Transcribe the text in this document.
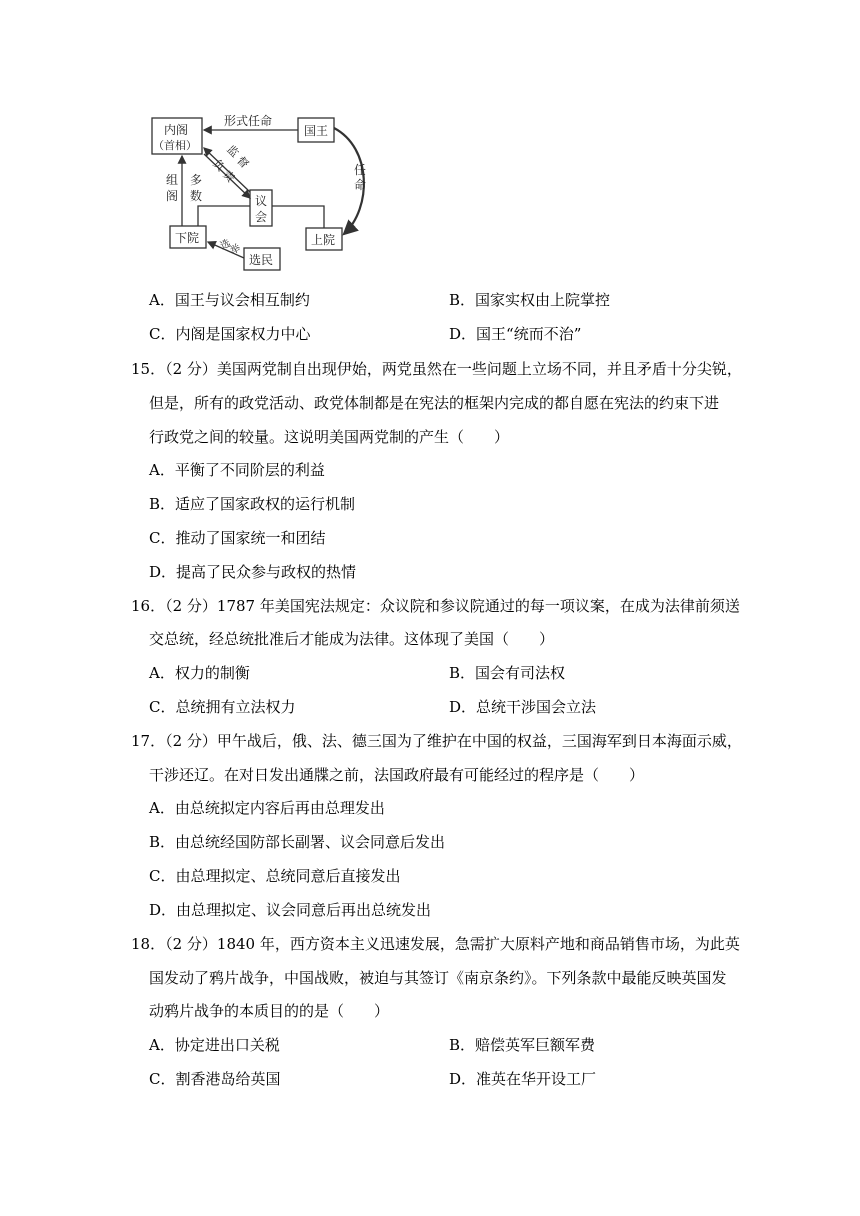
内阁
（首相）
国王
议
会
下院	上院
选民
形式任命
任
命
监
督
负
责
组
阁
多
数
选
举
A．国王与议会相互制约	B．国家实权由上院掌控
C．内阁是国家权力中心	D．国王“统而不治”
15．（2 分）美国两党制自出现伊始，两党虽然在一些问题上立场不同，并且矛盾十分尖锐，
但是，所有的政党活动、政党体制都是在宪法的框架内完成的都自愿在宪法的约束下进
行政党之间的较量。这说明美国两党制的产生（　　）
A．平衡了不同阶层的利益
B．适应了国家政权的运行机制
C．推动了国家统一和团结
D．提高了民众参与政权的热情
16．（2 分）1787 年美国宪法规定：众议院和参议院通过的每一项议案，在成为法律前须送
交总统，经总统批准后才能成为法律。这体现了美国（　　）
A．权力的制衡	B．国会有司法权
C．总统拥有立法权力	D．总统干涉国会立法
17．（2 分）甲午战后，俄、法、德三国为了维护在中国的权益，三国海军到日本海面示威，
干涉还辽。在对日发出通牒之前，法国政府最有可能经过的程序是（　　）
A．由总统拟定内容后再由总理发出
B．由总统经国防部长副署、议会同意后发出
C．由总理拟定、总统同意后直接发出
D．由总理拟定、议会同意后再出总统发出
18．（2 分）1840 年，西方资本主义迅速发展，急需扩大原料产地和商品销售市场，为此英
国发动了鸦片战争，中国战败，被迫与其签订《南京条约》。下列条款中最能反映英国发
动鸦片战争的本质目的的是（　　）
A．协定进出口关税	B．赔偿英军巨额军费
C．割香港岛给英国	D．准英在华开设工厂
